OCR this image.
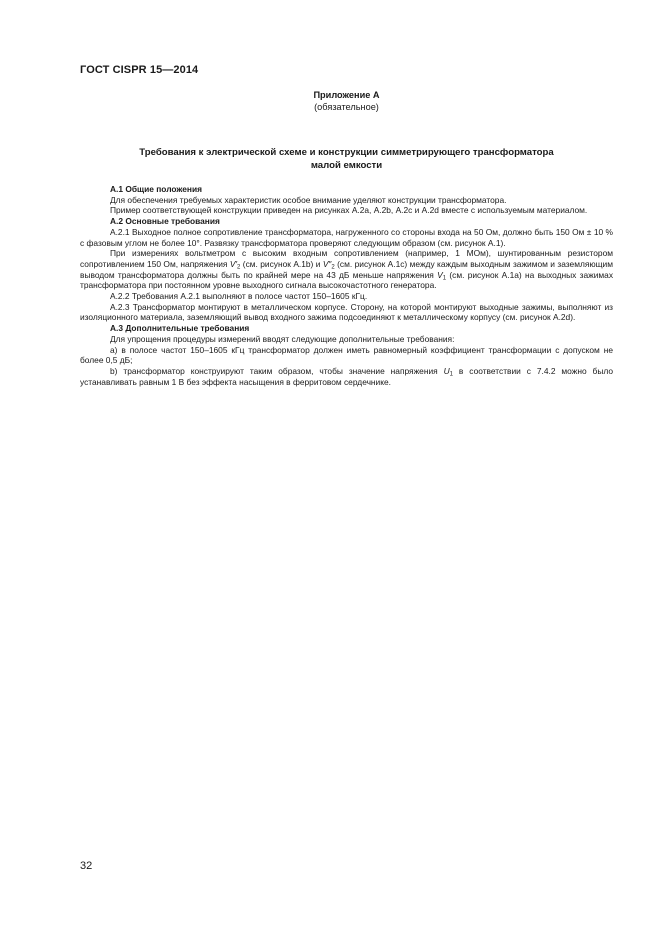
ГОСТ CISPR 15—2014
Приложение А
(обязательное)
Требования к электрической схеме и конструкции симметрирующего трансформатора
малой емкости

А.1 Общие положения

Для обеспечения требуемых характеристик особое внимание уделяют конструкции трансформатора.

Пример соответствующей конструкции приведен на рисунках А.2а, А.2b, А.2с и А.2d вместе с используемым материалом.

А.2 Основные требования

А.2.1 Выходное полное сопротивление трансформатора, нагруженного со стороны входа на 50 Ом, должно быть 150 Ом ± 10 % с фазовым углом не более 10°. Развязку трансформатора проверяют следующим образом (см. рисунок А.1).

При измерениях вольтметром с высоким входным сопротивлением (например, 1 МОм), шунтированным резистором сопротивлением 150 Ом, напряжения $V'_2$ (см. рисунок А.1b) и $V''_2$ (см. рисунок А.1с) между каждым выходным зажимом и заземляющим выводом трансформатора должны быть по крайней мере на 43 дБ меньше напряжения $V_1$ (см. рисунок А.1а) на выходных зажимах трансформатора при постоянном уровне выходного сигнала высокочастотного генератора.

А.2.2 Требования А.2.1 выполняют в полосе частот 150–1605 кГц.

А.2.3 Трансформатор монтируют в металлическом корпусе. Сторону, на которой монтируют выходные зажимы, выполняют из изоляционного материала, заземляющий вывод входного зажима подсоединяют к металлическому корпусу (см. рисунок А.2d).

А.3 Дополнительные требования

Для упрощения процедуры измерений вводят следующие дополнительные требования:

a) в полосе частот 150–1605 кГц трансформатор должен иметь равномерный коэффициент трансформации с допуском не более 0,5 дБ;

b) трансформатор конструируют таким образом, чтобы значение напряжения $U_1$ в соответствии с 7.4.2 можно было устанавливать равным 1 В без эффекта насыщения в ферритовом сердечнике.

32
